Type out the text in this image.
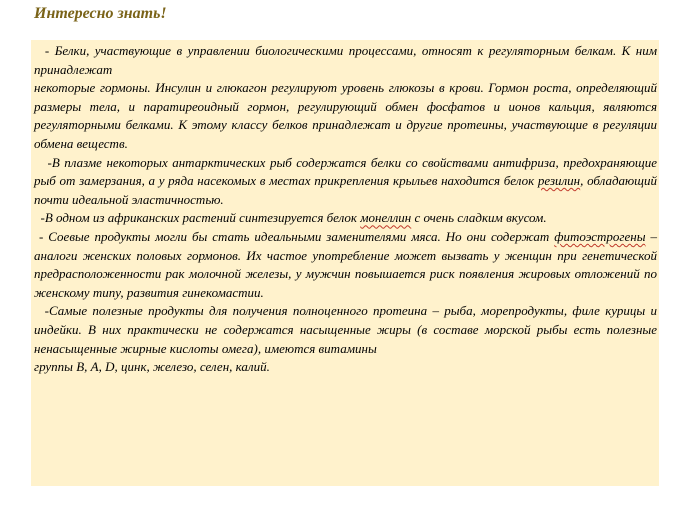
Интересно знать!

- Белки, участвующие в управлении биологическими процессами, относят к регуляторным белкам. К ним принадлежат
некоторые гормоны. Инсулин и глюкагон регулируют уровень глюкозы в крови. Гормон роста, определяющий размеры тела, и паратиреоидный гормон, регулирующий обмен фосфатов и ионов кальция, являются регуляторными белками. К этому классу белков принадлежат и другие протеины, участвующие в регуляции обмена веществ.

-В плазме некоторых антарктических рыб содержатся белки со свойствами антифриза, предохраняющие рыб от замерзания, а у ряда насекомых в местах прикрепления крыльев находится белок резилин, обладающий почти идеальной эластичностью.

-В одном из африканских растений синтезируется белок монеллин с очень сладким вкусом.

- Соевые продукты могли бы стать идеальными заменителями мяса. Но они содержат фитоэстрогены – аналоги женских половых гормонов. Их частое употребление может вызвать у женщин при генетической предрасположенности рак молочной железы, у мужчин повышается риск появления жировых отложений по женскому типу, развития гинекомастии.

-Самые полезные продукты для получения полноценного протеина – рыба, морепродукты, филе курицы и индейки. В них практически не содержатся насыщенные жиры (в составе морской рыбы есть полезные ненасыщенные жирные кислоты омега), имеются витамины

группы В, А, D, цинк, железо, селен, калий.
